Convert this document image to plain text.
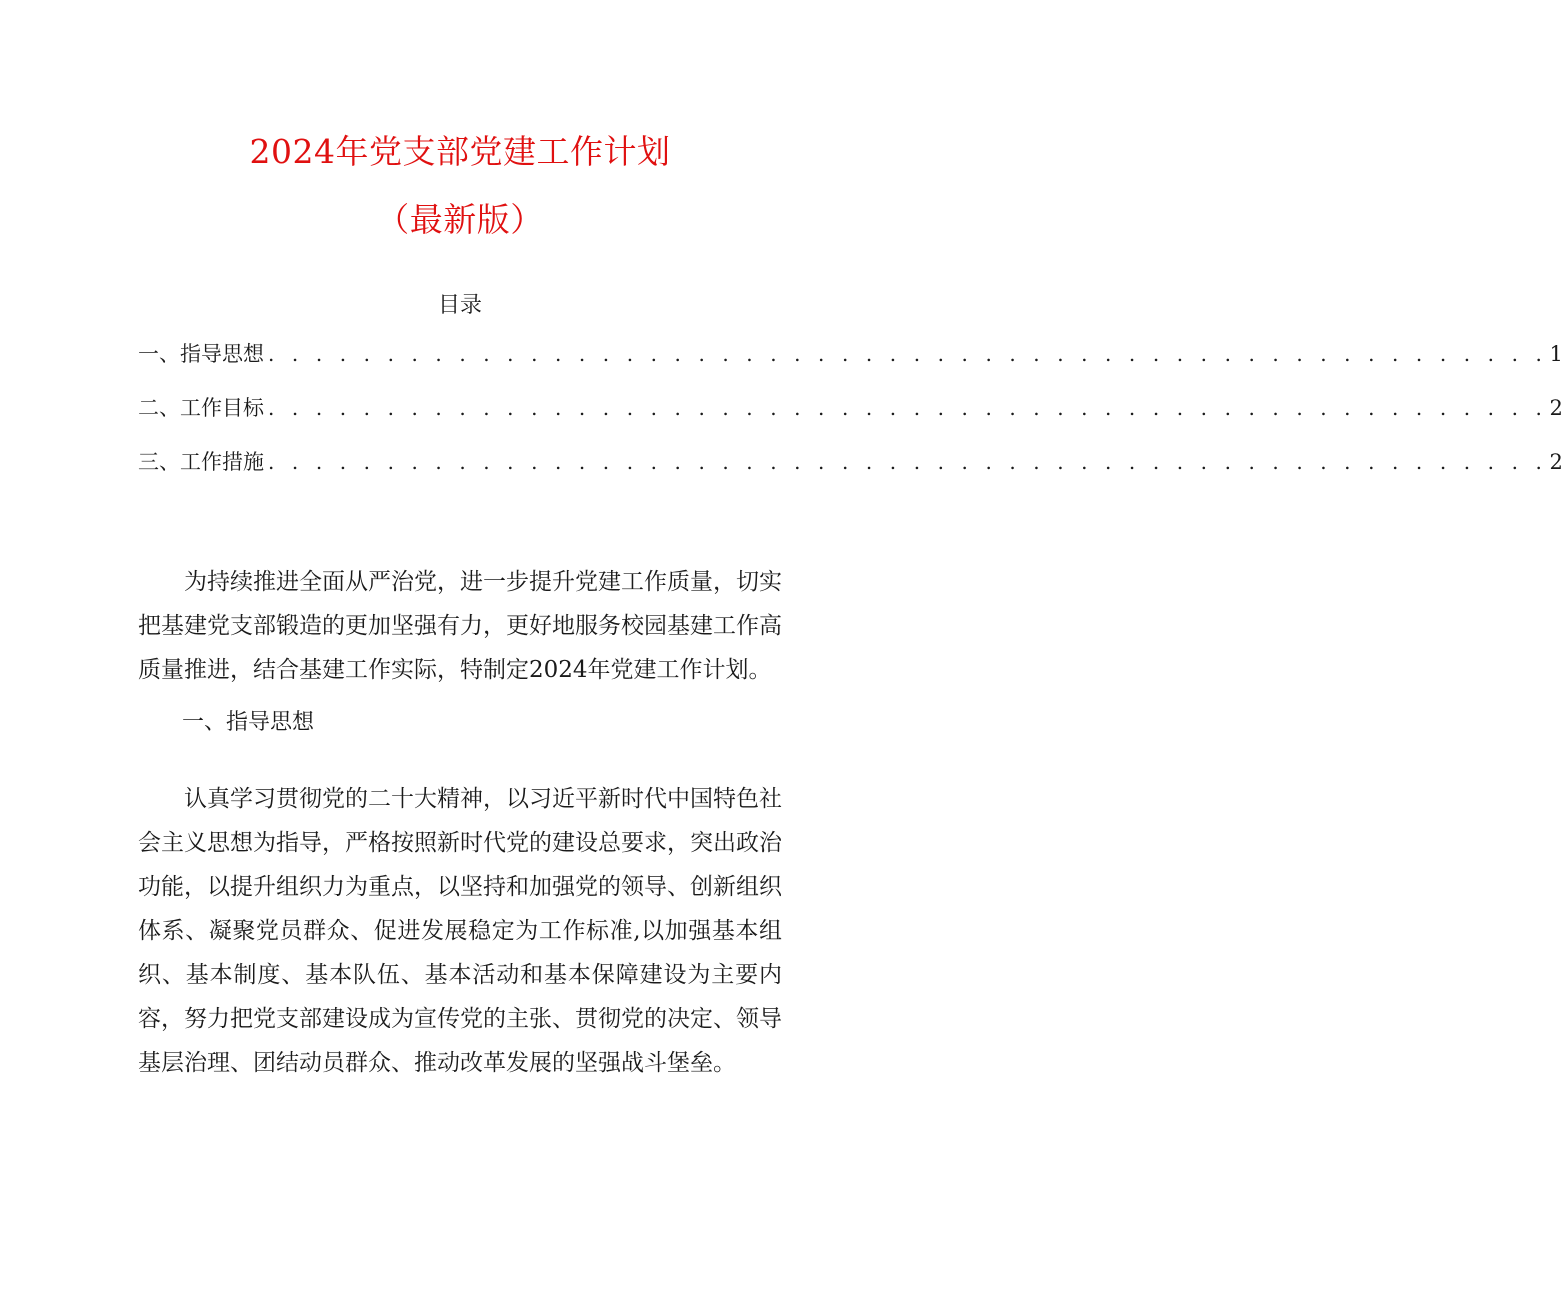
2024年党支部党建工作计划
（最新版）
目录
一、指导思想 . . . . . . . . . . . . . . . . . . . . . . . . . . . . . . . . . . . . . . . . . . . . . . . . . . . . . . 1
二、工作目标 . . . . . . . . . . . . . . . . . . . . . . . . . . . . . . . . . . . . . . . . . . . . . . . . . . . . . . 2
三、工作措施 . . . . . . . . . . . . . . . . . . . . . . . . . . . . . . . . . . . . . . . . . . . . . . . . . . . . . . 2

为持续推进全面从严治党，进一步提升党建工作质量，切实把基建党支部锻造的更加坚强有力，更好地服务校园基建工作高质量推进，结合基建工作实际，特制定2024年党建工作计划。

一、指导思想

认真学习贯彻党的二十大精神，以习近平新时代中国特色社会主义思想为指导，严格按照新时代党的建设总要求，突出政治功能，以提升组织力为重点，以坚持和加强党的领导、创新组织体系、凝聚党员群众、促进发展稳定为工作标准,以加强基本组织、基本制度、基本队伍、基本活动和基本保障建设为主要内容，努力把党支部建设成为宣传党的主张、贯彻党的决定、领导基层治理、团结动员群众、推动改革发展的坚强战斗堡垒。
